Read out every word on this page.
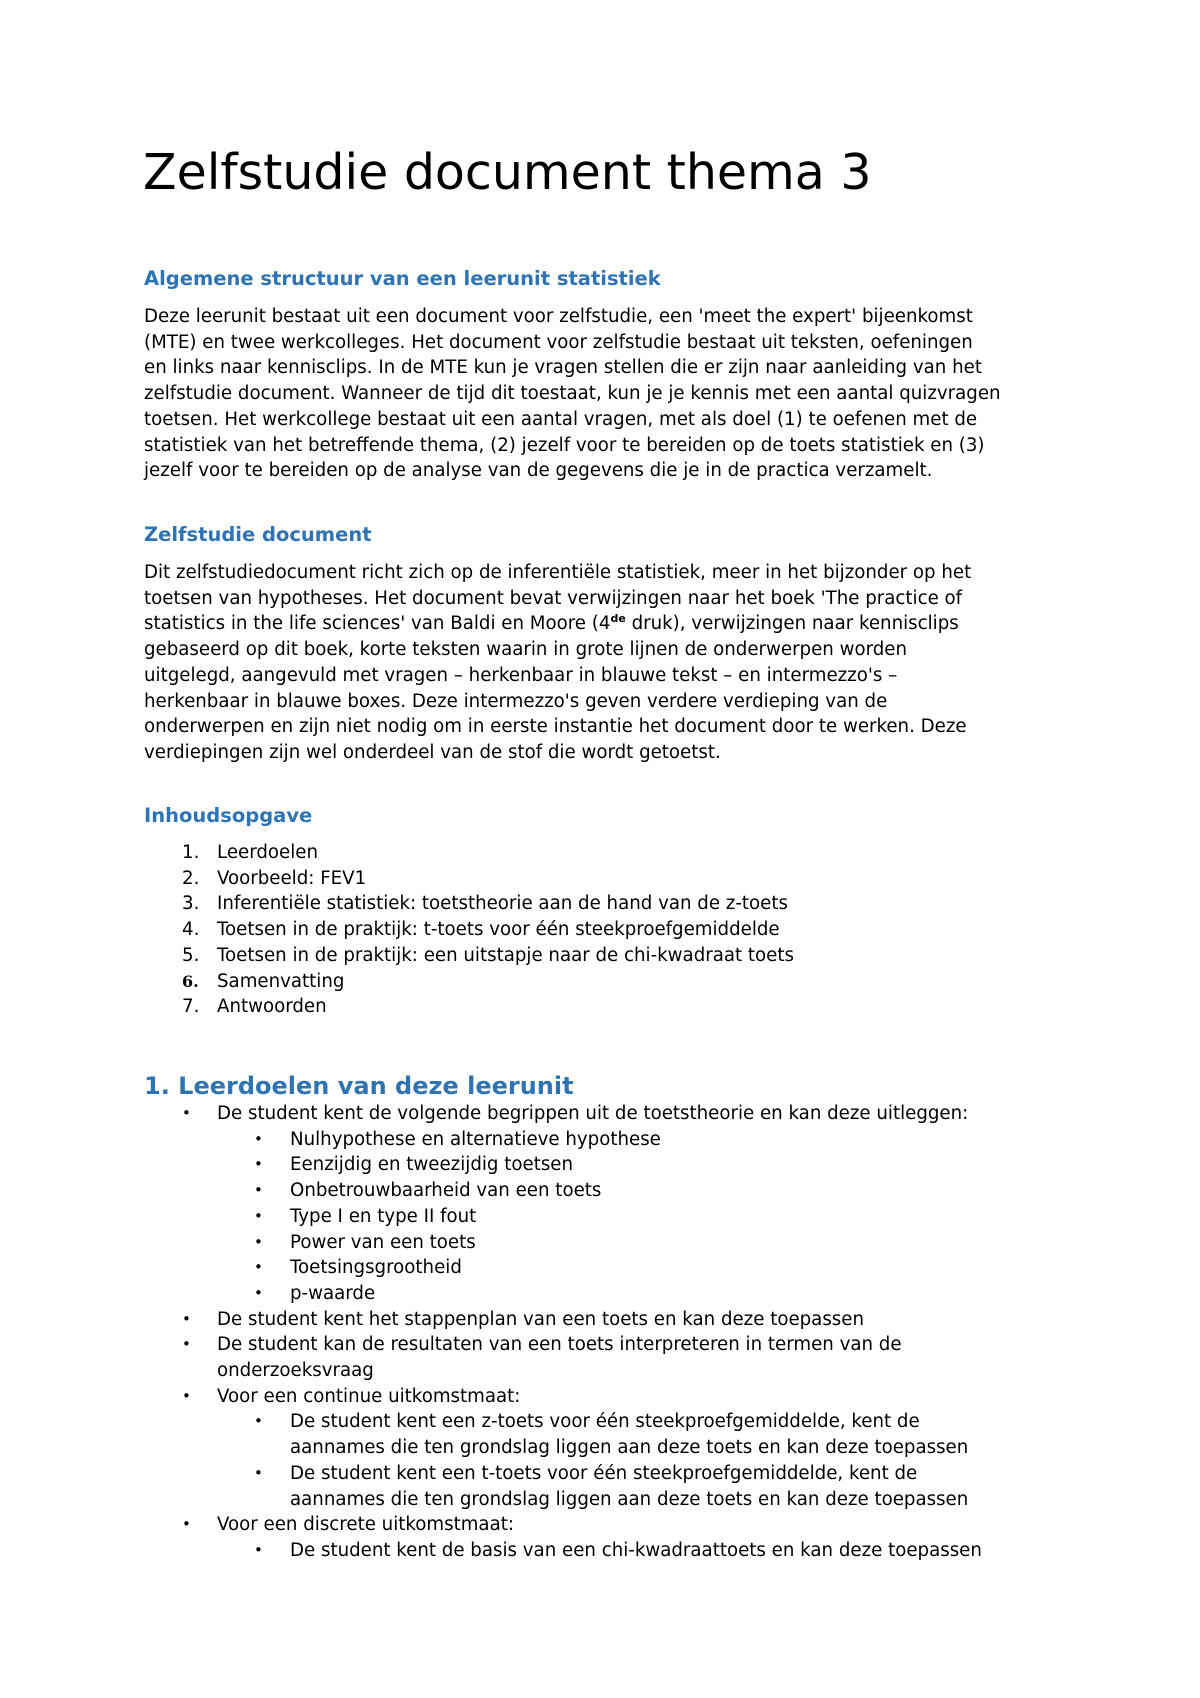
Zelfstudie document thema 3
Algemene structuur van een leerunit statistiek

Deze leerunit bestaat uit een document voor zelfstudie, een 'meet the expert' bijeenkomst
(MTE) en twee werkcolleges. Het document voor zelfstudie bestaat uit teksten, oefeningen
en links naar kennisclips. In de MTE kun je vragen stellen die er zijn naar aanleiding van het
zelfstudie document. Wanneer de tijd dit toestaat, kun je je kennis met een aantal quizvragen
toetsen. Het werkcollege bestaat uit een aantal vragen, met als doel (1) te oefenen met de
statistiek van het betreffende thema, (2) jezelf voor te bereiden op de toets statistiek en (3)
jezelf voor te bereiden op de analyse van de gegevens die je in de practica verzamelt.

Zelfstudie document

Dit zelfstudiedocument richt zich op de inferentiële statistiek, meer in het bijzonder op het
toetsen van hypotheses. Het document bevat verwijzingen naar het boek 'The practice of
statistics in the life sciences' van Baldi en Moore (4de druk), verwijzingen naar kennisclips
gebaseerd op dit boek, korte teksten waarin in grote lijnen de onderwerpen worden
uitgelegd, aangevuld met vragen – herkenbaar in blauwe tekst – en intermezzo's –
herkenbaar in blauwe boxes. Deze intermezzo's geven verdere verdieping van de
onderwerpen en zijn niet nodig om in eerste instantie het document door te werken. Deze
verdiepingen zijn wel onderdeel van de stof die wordt getoetst.

Inhoudsopgave
1. Leerdoelen
2. Voorbeeld: FEV1
3. Inferentiële statistiek: toetstheorie aan de hand van de z-toets
4. Toetsen in de praktijk: t-toets voor één steekproefgemiddelde
5. Toetsen in de praktijk: een uitstapje naar de chi-kwadraat toets
6. Samenvatting
7. Antwoorden
1. Leerdoelen van deze leerunit
• De student kent de volgende begrippen uit de toetstheorie en kan deze uitleggen:
• Nulhypothese en alternatieve hypothese
• Eenzijdig en tweezijdig toetsen
• Onbetrouwbaarheid van een toets
• Type I en type II fout
• Power van een toets
• Toetsingsgrootheid
• p-waarde
• De student kent het stappenplan van een toets en kan deze toepassen
• De student kan de resultaten van een toets interpreteren in termen van de
onderzoeksvraag
• Voor een continue uitkomstmaat:
• De student kent een z-toets voor één steekproefgemiddelde, kent de
aannames die ten grondslag liggen aan deze toets en kan deze toepassen
• De student kent een t-toets voor één steekproefgemiddelde, kent de
aannames die ten grondslag liggen aan deze toets en kan deze toepassen
• Voor een discrete uitkomstmaat:
• De student kent de basis van een chi-kwadraattoets en kan deze toepassen
